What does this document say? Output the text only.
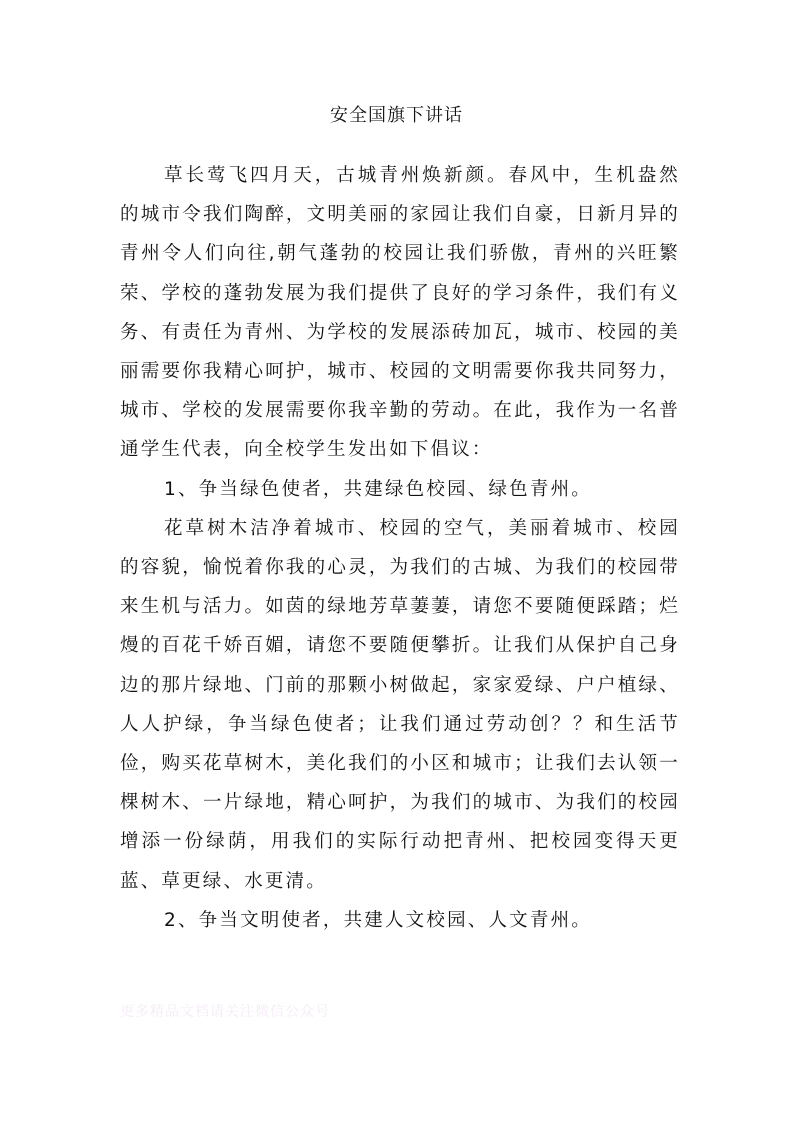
安全国旗下讲话

草长莺飞四月天，古城青州焕新颜。春风中，生机盎然的城市令我们陶醉，文明美丽的家园让我们自豪，日新月异的青州令人们向往,朝气蓬勃的校园让我们骄傲，青州的兴旺繁荣、学校的蓬勃发展为我们提供了良好的学习条件，我们有义务、有责任为青州、为学校的发展添砖加瓦，城市、校园的美丽需要你我精心呵护，城市、校园的文明需要你我共同努力，城市、学校的发展需要你我辛勤的劳动。在此，我作为一名普通学生代表，向全校学生发出如下倡议：

1、争当绿色使者，共建绿色校园、绿色青州。

花草树木洁净着城市、校园的空气，美丽着城市、校园的容貌，愉悦着你我的心灵，为我们的古城、为我们的校园带来生机与活力。如茵的绿地芳草萋萋，请您不要随便踩踏；烂熳的百花千娇百媚，请您不要随便攀折。让我们从保护自己身边的那片绿地、门前的那颗小树做起，家家爱绿、户户植绿、人人护绿，争当绿色使者；让我们通过劳动创？？和生活节俭，购买花草树木，美化我们的小区和城市；让我们去认领一棵树木、一片绿地，精心呵护，为我们的城市、为我们的校园增添一份绿荫，用我们的实际行动把青州、把校园变得天更蓝、草更绿、水更清。

2、争当文明使者，共建人文校园、人文青州。

更多精品文档请关注微信公众号
